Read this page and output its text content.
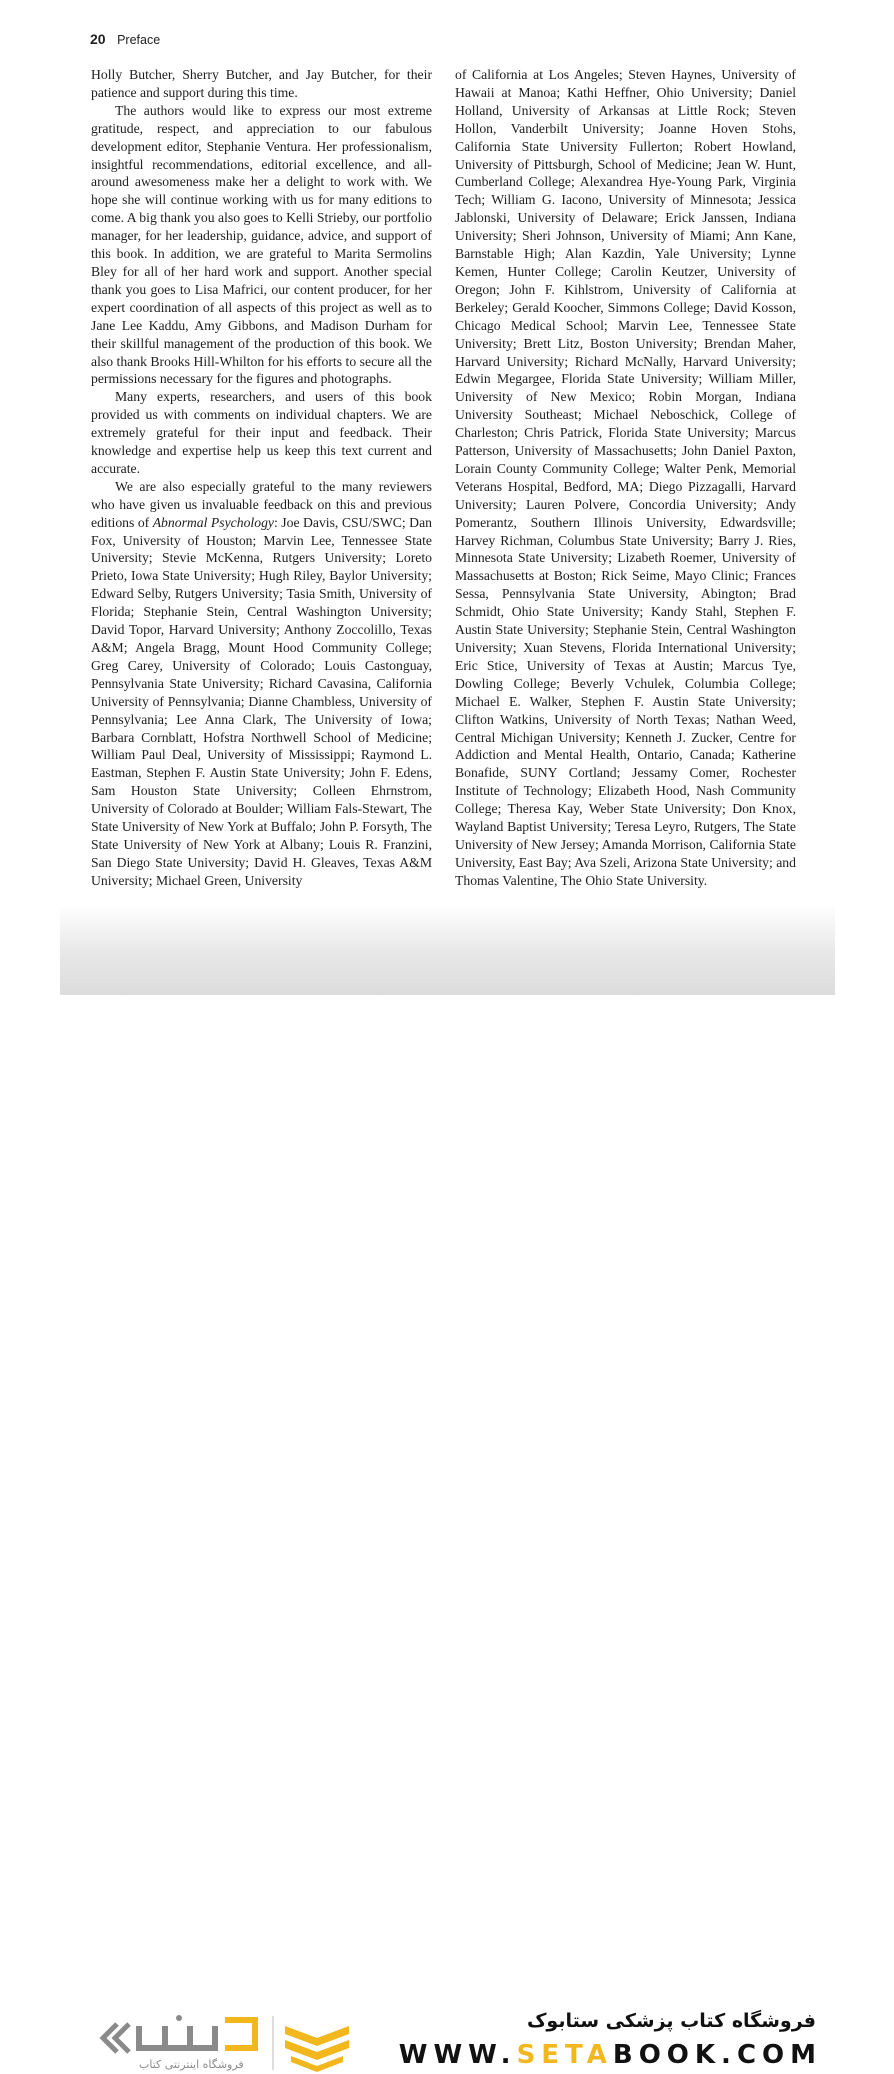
20 Preface

Holly Butcher, Sherry Butcher, and Jay Butcher, for their patience and support during this time.

The authors would like to express our most extreme gratitude, respect, and appreciation to our fabulous development editor, Stephanie Ventura. Her professionalism, insightful recommendations, editorial excellence, and all-around awesomeness make her a delight to work with. We hope she will continue working with us for many editions to come. A big thank you also goes to Kelli Strieby, our portfolio manager, for her leadership, guidance, advice, and support of this book. In addition, we are grateful to Marita Sermolins Bley for all of her hard work and support. Another special thank you goes to Lisa Mafrici, our content producer, for her expert coordination of all aspects of this project as well as to Jane Lee Kaddu, Amy Gibbons, and Madison Durham for their skillful management of the production of this book. We also thank Brooks Hill-Whilton for his efforts to secure all the permissions necessary for the figures and photographs.

Many experts, researchers, and users of this book provided us with comments on individual chapters. We are extremely grateful for their input and feedback. Their knowledge and expertise help us keep this text current and accurate.

We are also especially grateful to the many reviewers who have given us invaluable feedback on this and previous editions of Abnormal Psychology: Joe Davis, CSU/SWC; Dan Fox, University of Houston; Marvin Lee, Tennessee State University; Stevie McKenna, Rutgers University; Loreto Prieto, Iowa State University; Hugh Riley, Baylor University; Edward Selby, Rutgers University; Tasia Smith, University of Florida; Stephanie Stein, Central Washington University; David Topor, Harvard University; Anthony Zoccolillo, Texas A&M; Angela Bragg, Mount Hood Community College; Greg Carey, University of Colorado; Louis Castonguay, Pennsylvania State University; Richard Cavasina, California University of Pennsylvania; Dianne Chambless, University of Pennsylvania; Lee Anna Clark, The University of Iowa; Barbara Cornblatt, Hofstra Northwell School of Medicine; William Paul Deal, University of Mississippi; Raymond L. Eastman, Stephen F. Austin State University; John F. Edens, Sam Houston State University; Colleen Ehrnstrom, University of Colorado at Boulder; William Fals-Stewart, The State University of New York at Buffalo; John P. Forsyth, The State University of New York at Albany; Louis R. Franzini, San Diego State University; David H. Gleaves, Texas A&M University; Michael Green, University

of California at Los Angeles; Steven Haynes, University of Hawaii at Manoa; Kathi Heffner, Ohio University; Daniel Holland, University of Arkansas at Little Rock; Steven Hollon, Vanderbilt University; Joanne Hoven Stohs, California State University Fullerton; Robert Howland, University of Pittsburgh, School of Medicine; Jean W. Hunt, Cumberland College; Alexandrea Hye-Young Park, Virginia Tech; William G. Iacono, University of Minnesota; Jessica Jablonski, University of Delaware; Erick Janssen, Indiana University; Sheri Johnson, University of Miami; Ann Kane, Barnstable High; Alan Kazdin, Yale University; Lynne Kemen, Hunter College; Carolin Keutzer, University of Oregon; John F. Kihlstrom, University of California at Berkeley; Gerald Koocher, Simmons College; David Kosson, Chicago Medical School; Marvin Lee, Tennessee State University; Brett Litz, Boston University; Brendan Maher, Harvard University; Richard McNally, Harvard University; Edwin Megargee, Florida State University; William Miller, University of New Mexico; Robin Morgan, Indiana University Southeast; Michael Neboschick, College of Charleston; Chris Patrick, Florida State University; Marcus Patterson, University of Massachusetts; John Daniel Paxton, Lorain County Community College; Walter Penk, Memorial Veterans Hospital, Bedford, MA; Diego Pizzagalli, Harvard University; Lauren Polvere, Concordia University; Andy Pomerantz, Southern Illinois University, Edwardsville; Harvey Richman, Columbus State University; Barry J. Ries, Minnesota State University; Lizabeth Roemer, University of Massachusetts at Boston; Rick Seime, Mayo Clinic; Frances Sessa, Pennsylvania State University, Abington; Brad Schmidt, Ohio State University; Kandy Stahl, Stephen F. Austin State University; Stephanie Stein, Central Washington University; Xuan Stevens, Florida International University; Eric Stice, University of Texas at Austin; Marcus Tye, Dowling College; Beverly Vchulek, Columbia College; Michael E. Walker, Stephen F. Austin State University; Clifton Watkins, University of North Texas; Nathan Weed, Central Michigan University; Kenneth J. Zucker, Centre for Addiction and Mental Health, Ontario, Canada; Katherine Bonafide, SUNY Cortland; Jessamy Comer, Rochester Institute of Technology; Elizabeth Hood, Nash Community College; Theresa Kay, Weber State University; Don Knox, Wayland Baptist University; Teresa Leyro, Rutgers, The State University of New Jersey; Amanda Morrison, California State University, East Bay; Ava Szeli, Arizona State University; and Thomas Valentine, The Ohio State University.

فروشگاه اینترنتی کتاب
فروشگاه کتاب پزشکی ستابوک
WWW.SETABOOK.COM
